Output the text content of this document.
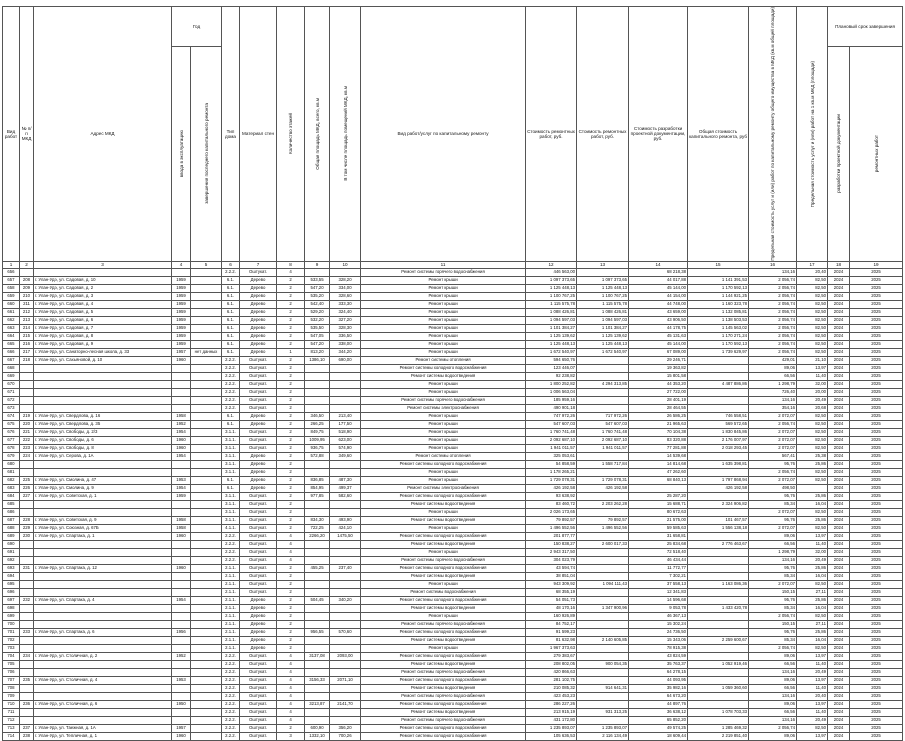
Вид работ	№ п/п МКД	Адрес МКД	Год		Тип дома	Материал стен	Количество этажей	Общая площадь МКД, всего, кв.м	В том числе площадь помещений МКД, кв.м	Вид работ/услуг по капитальному ремонту	Стоимость ремонтных работ, руб.	Стоимость ремонтных работ, руб.	Стоимость разработки проектной документации, руб.	Общая стоимость капитального ремонта, руб	Предельная стоимость услуг и (или) работ по капитальному ремонту общего имущества в МКД (кв.м общей площади)	Предельная стоимость услуг и (или) работ на 1 кв.м МКД (площади)	Плановый срок завершения	

			ввода в эксплуатацию	завершения последнего капитального ремонта													разработки проектной документации	ремонтных работ

1	2	3	4	5	6	7	8	9	10	11	12	13	14	15	16	17	18	19
656					2.2.2.	Оштукат.	4			Ремонт системы горячего водоснабжения	446 563,00		68 218,38		134,16	20,40	2024	2025
657	208	г. Улан-Удэ, ул. Садовая, д. 10	1959		6.1.	Дерево	2	533,55	328,20	Ремонт крыши	1 097 373,65	1 097 373,65	44 017,88	1 141 391,53	2 056,74	82,50	2024	2025
658	209	г. Улан-Удэ, ул. Садовая, д. 2	1959		6.1.	Дерево	2	547,20	334,00	Ремонт крыши	1 125 448,13	1 125 448,13	45 144,00	1 170 592,13	2 056,74	82,50	2024	2025
659	210	г. Улан-Удэ, ул. Садовая, д. 3	1959		6.1.	Дерево	2	535,20	328,60	Ремонт крыши	1 100 767,25	1 100 767,25	44 154,00	1 144 921,25	2 056,74	82,50	2024	2025
660	211	г. Улан-Удэ, ул. Садовая, д. 4	1959		6.1.	Дерево	2	542,40	333,30	Ремонт крыши	1 115 575,78	1 115 575,78	44 748,00	1 160 323,78	2 056,74	82,50	2024	2025
661	212	г. Улан-Удэ, ул. Садовая, д. 5	1959		6.1.	Дерево	2	529,20	324,40	Ремонт крыши	1 088 426,81	1 088 426,81	43 659,00	1 132 085,81	2 056,74	82,50	2024	2025
662	213	г. Улан-Удэ, ул. Садовая, д. 6	1959		6.1.	Дерево	2	532,20	327,20	Ремонт крыши	1 094 597,03	1 094 597,03	43 906,50	1 138 503,53	2 056,74	82,50	2024	2025
663	214	г. Улан-Удэ, ул. Садовая, д. 7	1959		6.1.	Дерево	2	535,50	328,30	Ремонт крыши	1 101 384,27	1 101 384,27	44 178,75	1 145 563,02	2 056,74	82,50	2024	2025
664	215	г. Улан-Удэ, ул. Садовая, д. 8	1959		6.1.	Дерево	2	547,05	336,50	Ремонт крыши	1 125 139,62	1 125 139,62	45 131,63	1 170 271,24	2 056,74	82,50	2024	2025
665	216	г. Улан-Удэ, ул. Садовая, д. 9	1959		6.1.	Дерево	2	547,20	338,00	Ремонт крыши	1 125 448,13	1 125 448,13	45 144,00	1 170 592,13	2 056,74	82,50	2024	2025
666	217	г. Улан-Удэ, ул. Санаторно-лесная школа, д. 33	1957	нет данных	6.1.	Дерево	1	813,20	344,20	Ремонт крыши	1 672 540,97	1 672 540,97	67 089,00	1 739 629,97	2 056,74	82,50	2024	2025
667	218	г. Улан-Удэ, ул. Сахьяновой, д. 10	1960		2.2.2.	Оштукат.	2	1386,10	690,00	Ремонт системы отопления	594 650,76		29 246,71		429,01	21,10	2024	2025
668					2.2.2.	Оштукат.	2			Ремонт системы холодного водоснабжения	123 446,07		19 363,82		89,06	13,97	2024	2025
669					2.2.2.	Оштукат.	2			Ремонт системы водоотведения	92 238,82		15 801,58		66,56	11,40	2024	2025
670					2.2.2.	Оштукат.	2			Ремонт крыши	1 800 252,82	4 294 313,85	44 353,20	4 487 886,86	1 298,79	32,00	2024	2025
671					2.2.2.	Оштукат.	2			Ремонт крыши	1 006 563,04		27 722,00		726,40	20,00	2024	2025
672					2.2.2.	Оштукат.	2			Ремонт системы горячего водоснабжения	185 959,16		28 401,19		134,16	20,49	2024	2025
673					2.2.2.	Оштукат.	2			Ремонт системы электроснабжения	490 901,18		28 464,55		354,16	20,68	2024	2025
674	219	г. Улан-Удэ, ул. Свердлова, д. 16	1958		6.1.	Дерево	2	346,50	213,40	Ремонт крыши	747 972,26	717 972,26	26 586,25	746 558,51	2 072,07	82,50	2024	2025
675	220	г. Улан-Удэ, ул. Свердлова, д. 35	1952		6.1.	Дерево	2	266,25	177,50	Ремонт крыши	547 607,03	547 607,03	21 965,63	569 572,65	2 056,74	82,50	2024	2025
676	221	г. Улан-Удэ, ул. Свободы, д. 2/3	1954		3.1.1.	Оштукат.	2	849,75	518,90	Ремонт крыши	1 760 741,48	1 760 741,48	70 104,38	1 830 845,86	2 072,07	82,50	2024	2025
677	222	г. Улан-Удэ, ул. Свободы, д. 6	1960		3.1.1.	Оштукат.	2	1009,95	623,00	Ремонт крыши	2 092 687,10	2 092 687,10	83 320,88	2 176 007,97	2 072,07	82,50	2024	2025
678	223	г. Улан-Удэ, ул. Свободы, д. 8	1960		3.1.1.	Оштукат.	2	936,75	574,90	Ремонт крыши	1 941 011,57	1 941 011,57	77 281,88	2 018 293,45	2 072,07	82,50	2024	2025
679	224	г. Улан-Удэ, ул. Серова, д. 1А	1954		3.1.1.	Дерево	2	572,88	349,60	Ремонт системы отопления	325 053,61		14 539,68		567,41	25,38	2024	2025
680					3.1.1.	Дерево	2			Ремонт системы холодного водоснабжения	54 858,59	1 558 717,84	14 814,68	1 635 398,81	95,76	25,86	2024	2025
681					3.1.1.	Дерево	2			Ремонт крыши	1 178 265,21		47 262,60		2 056,74	82,50	2024	2025
682	225	г. Улан-Удэ, ул. Смолина, д. 47	1953		6.1.	Дерево	2	836,85	487,30	Ремонт крыши	1 729 078,31	1 729 078,31	68 840,13	1 797 868,94	2 072,07	82,50	2024	2025
683	226	г. Улан-Удэ, ул. Смолина, д. 9	1954		6.1.	Дерево	2	854,95	499,37	Ремонт системы электроснабжения	426 192,58	426 192,58		426 192,58	498,50		2024	2025
684	227	г. Улан-Удэ, ул. Советская, д. 1	1959		3.1.1.	Оштукат.	2	977,85	582,60	Ремонт системы холодного водоснабжения	93 638,92		25 287,20		95,76	25,86	2024	2025
685					3.1.1.	Оштукат.	2			Ремонт системы водоотведения	83 460,72	2 203 262,28	15 688,71	2 324 906,82	85,34	16,04	2024	2025
686					3.1.1.	Оштукат.	2			Ремонт крыши	2 026 173,65		80 672,63		2 072,07	82,50	2024	2025
687	228	г. Улан-Удэ, ул. Советская, д. 9	1958		3.1.1.	Оштукат.	2	834,30	493,90	Ремонт системы водоотведения	79 892,57	79 892,57	21 575,00	101 467,57	95,76	25,86	2024	2025
688	229	г. Улан-Удэ, ул. Союзная, д. 67Б	1958		4.1.1.	Оштукат.	2	722,25	424,10	Ремонт крыши	1 496 552,56	1 496 552,56	59 585,63	1 556 138,18	2 072,07	82,50	2024	2025
689	230	г. Улан-Удэ, ул. Спартака, д. 1	1960		2.2.2.	Оштукат.	4	2266,20	1475,50	Ремонт системы холодного водоснабжения	201 877,77		31 658,81		89,06	13,97	2024	2025
690					2.2.2.	Оштукат.	4			Ремонт системы водоотведения	150 838,27	2 600 017,33	25 834,68	2 776 463,67	66,56	11,40	2024	2025
691					2.2.2.	Оштукат.	4			Ремонт крыши	2 943 317,50		72 518,40		1 298,79	32,00	2024	2025
692					2.2.2.	Оштукат.	4			Ремонт системы горячего водоснабжения	304 023,79		46 434,44		134,16	20,49	2024	2025
693	231	г. Улан-Удэ, ул. Спартака, д. 12	1960		2.1.1.	Оштукат.	2	455,25	237,40	Ремонт системы холодного водоснабжения	43 594,74		11 772,77		95,76	25,86	2024	2025
694					2.1.1.	Оштукат.	2			Ремонт системы водоотведения	38 851,04		7 302,21		85,34	16,04	2024	2025
695					2.1.1.	Оштукат.	2			Ремонт крыши	943 309,92	1 094 111,43	37 558,13	1 163 086,36	2 072,07	82,50	2024	2025
696					2.1.1.	Оштукат.	2			Ремонт системы водоснабжения	68 355,19		12 341,83		150,15	27,11	2024	2025
697	232	г. Улан-Удэ, ул. Спартака, д. 4	1954		2.1.1.	Дерево	2	504,45	340,20	Ремонт системы холодного водоснабжения	54 051,73		14 596,68		95,76	25,86	2024	2025
698					2.1.1.	Дерево	2			Ремонт системы водоотведения	48 170,16	1 347 900,96	9 053,78	1 433 420,78	85,34	16,04	2024	2025
699					2.1.1.	Дерево	2			Ремонт крыши	160 926,89		46 367,13		2 056,74	82,50	2024	2025
700					2.1.1.	Дерево	2			Ремонт системы горячего водоснабжения	84 752,17		15 302,24		150,15	27,11	2024	2025
701	233	г. Улан-Удэ, ул. Спартака, д. 6	1956		2.1.1.	Дерево	2	956,55	570,60	Ремонт системы холодного водоснабжения	91 599,23		24 736,50		95,76	25,86	2024	2025
702					2.1.1.	Дерево	2			Ремонт системы водоотведения	81 632,98	2 140 605,85	15 343,06	2 259 600,67	85,34	16,04	2024	2025
703					2.1.1.	Дерево	2			Ремонт крыши	1 967 373,63		78 915,38		2 056,74	82,50	2024	2025
704	234	г. Улан-Удэ, ул. Столичная, д. 2	1952		2.2.2.	Оштукат.	4	3137,08	2093,00	Ремонт системы холодного водоснабжения	279 383,67		43 824,59		89,06	13,97	2024	2025
705					2.2.2.	Оштукат.	4			Ремонт системы водоотведения	208 802,05	900 054,35	35 763,37	1 052 919,46	66,56	11,40	2024	2025
706					2.2.2.	Оштукат.	4			Ремонт системы горячего водоснабжения	420 866,63		64 278,15		134,16	20,49	2024	2025
707	235	г. Улан-Удэ, ул. Столичная, д. 4	1953		2.2.2.	Оштукат.	4	3156,33	2071,10	Ремонт системы холодного водоснабжения	281 102,75		44 093,95		89,06	13,97	2024	2025
708					2.2.2.	Оштукат.	4			Ремонт системы водоотведения	210 085,32	914 641,31	35 982,16	1 059 360,60	66,56	11,40	2024	2025
709					2.2.2.	Оштукат.	4			Ремонт системы горячего водоснабжения	423 453,23		64 673,20		134,16	20,40	2024	2025
710	236	г. Улан-Удэ, ул. Столичная, д. 6	1950		2.2.2.	Оштукат.	4	3213,87	2141,70	Ремонт системы холодного водоснабжения	286 227,26		44 897,76		89,06	13,97	2024	2025
711					2.2.2.	Оштукат.	4			Ремонт системы водоотведения	213 915,19	931 313,25	36 638,12	1 078 703,33	66,56	11,40	2024	2025
712					2.2.2.	Оштукат.	4			Ремонт системы горячего водоснабжения	431 172,80		65 852,20		134,16	20,49	2024	2025
713	237	г. Улан-Удэ, ул. Таежная, д. 1А	1957		2.2.2.	Оштукат.	2	600,90	356,20	Ремонт системы холодного водоснабжения	1 235 893,07	1 235 893,07	49 574,25	1 285 469,32	2 056,74	82,50	2024	2025
714	238	г. Улан-Удэ, ул. Тепличная, д. 1	1960		2.2.2.	Оштукат.	3	1332,10	700,26	Ремонт системы холодного водоснабжения	105 636,53	2 116 134,49	18 609,44	2 219 851,40	89,06	13,97	2024	2025
